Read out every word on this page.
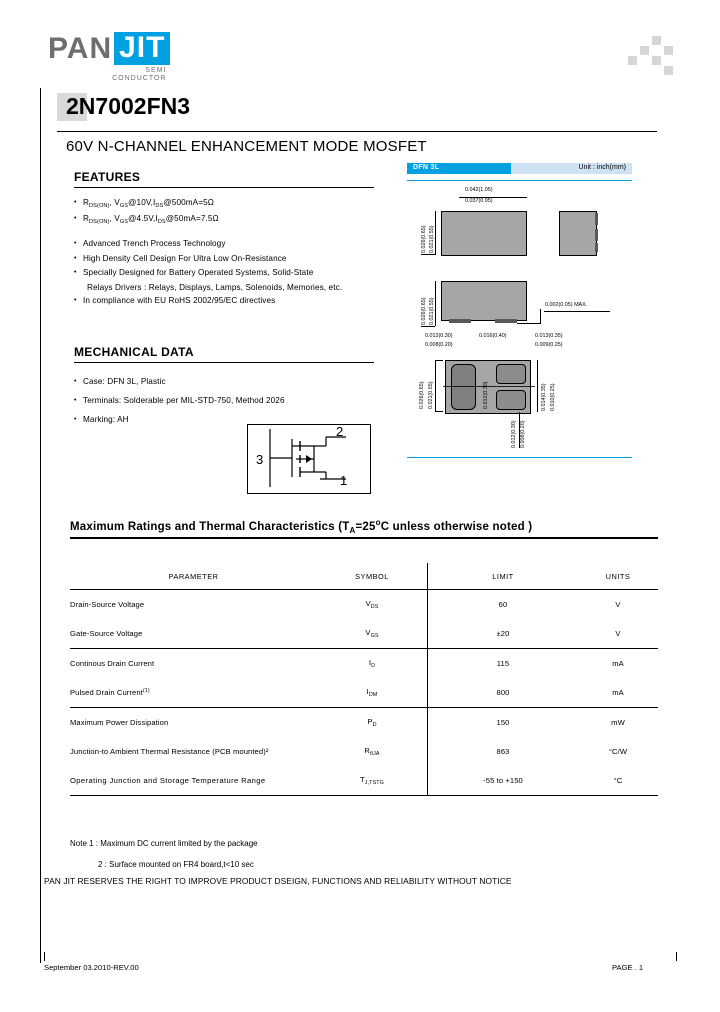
PAN JIT
SEMI
CONDUCTOR
2N7002FN3
60V N-CHANNEL ENHANCEMENT MODE MOSFET
FEATURES
• $R_{DS(ON)}$, $V_{GS}@10V,I_{DS}@500mA=5\Omega$
• $R_{DS(ON)}$, $V_{GS}@4.5V,I_{DS}@50mA=7.5\Omega$
• Advanced Trench Process Technology
• High Density Cell Design For Ultra Low On-Resistance
• Specially Designed for Battery Operated Systems, Solid-State
Relays Drivers : Relays, Displays, Lamps, Solenoids, Memories, etc.
• In compliance with EU RoHS 2002/95/EC directives
MECHANICAL DATA
• Case: DFN 3L, Plastic
• Terminals: Solderable per MIL-STD-750, Method 2026
• Marking: AH
3
2
1
DFN 3L	Unit : inch(mm)
0.042(1.05)
0.037(0.95)
0.026(0.65) 0.021(0.55)
0.026(0.65) 0.021(0.55)	0.002(0.05) MAX.
0.012(0.30)
0.008(0.20)
0.016(0.40)	0.013(0.35)
0.009(0.25)
0.026(0.65) 0.021(0.55)	0.012(0.30)	0.014(0.35) 0.010(0.25)
0.012(0.30) 0.008(0.20)
Maximum Ratings and Thermal Characteristics ($T_A=25^oC$ unless otherwise noted )
PARAMETER	SYMBOL	LIMIT	UNITS
Drain-Source Voltage	$V_{DS}$	60	V
Gate-Source Voltage	$V_{GS}$	±20	V
Continous Drain Current	$I_D$	115	mA
Pulsed Drain Current$^{(1)}$	$I_{DM}$	800	mA
Maximum Power Dissipation	$P_D$	150	mW
Junction-to Ambient Thermal Resistance (PCB mounted)²	$R_{\theta JA}$	863	°C/W
Operating Junction and Storage Temperature Range	$T_{J,TSTG}$	-55 to +150	°C

Note 1 : Maximum DC current limited by the package
2 : Surface mounted on FR4 board,t<10 sec
PAN JIT RESERVES THE RIGHT TO IMPROVE PRODUCT DSEIGN, FUNCTIONS AND RELIABILITY WITHOUT NOTICE
September 03.2010-REV.00	PAGE . 1
